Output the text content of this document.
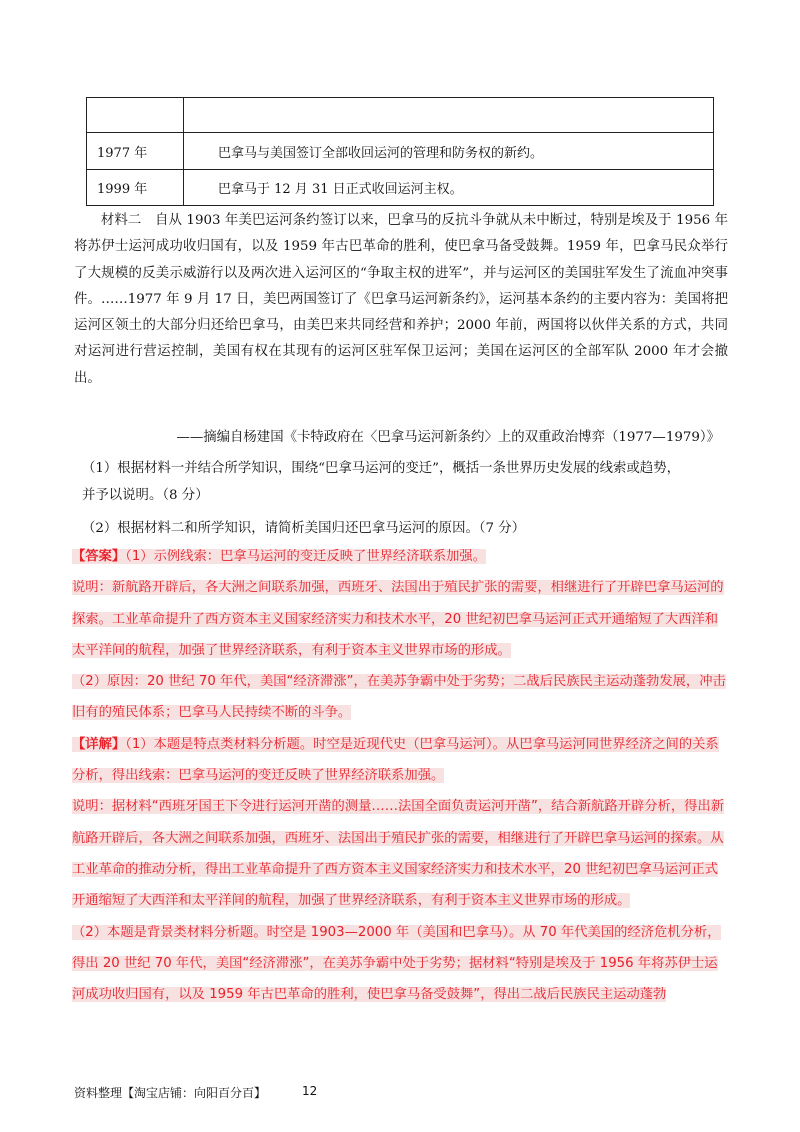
1977 年	巴拿马与美国签订全部收回运河的管理和防务权的新约。
1999 年	巴拿马于 12 月 31 日正式收回运河主权。

材料二　自从 1903 年美巴运河条约签订以来，巴拿马的反抗斗争就从未中断过，特别是埃及于 1956 年将苏伊士运河成功收归国有，以及 1959 年古巴革命的胜利，使巴拿马备受鼓舞。1959 年，巴拿马民众举行了大规模的反美示威游行以及两次进入运河区的“争取主权的进军”，并与运河区的美国驻军发生了流血冲突事件。……1977 年 9 月 17 日，美巴两国签订了《巴拿马运河新条约》，运河基本条约的主要内容为：美国将把运河区领土的大部分归还给巴拿马，由美巴来共同经营和养护；2000 年前，两国将以伙伴关系的方式，共同对运河进行营运控制，美国有权在其现有的运河区驻军保卫运河；美国在运河区的全部军队 2000 年才会撤出。

——摘编自杨建国《卡特政府在〈巴拿马运河新条约〉上的双重政治博弈（1977—1979）》

（1）根据材料一并结合所学知识，围绕“巴拿马运河的变迁”，概括一条世界历史发展的线索或趋势，

并予以说明。（8 分）

（2）根据材料二和所学知识，请简析美国归还巴拿马运河的原因。（7 分）

【答案】（1）示例线索：巴拿马运河的变迁反映了世界经济联系加强。

说明：新航路开辟后，各大洲之间联系加强，西班牙、法国出于殖民扩张的需要，相继进行了开辟巴拿马运河的探索。工业革命提升了西方资本主义国家经济实力和技术水平，20 世纪初巴拿马运河正式开通缩短了大西洋和太平洋间的航程，加强了世界经济联系，有利于资本主义世界市场的形成。

（2）原因：20 世纪 70 年代，美国“经济滞涨”，在美苏争霸中处于劣势；二战后民族民主运动蓬勃发展，冲击旧有的殖民体系；巴拿马人民持续不断的斗争。

【详解】（1）本题是特点类材料分析题。时空是近现代史（巴拿马运河）。从巴拿马运河同世界经济之间的关系分析，得出线索：巴拿马运河的变迁反映了世界经济联系加强。

说明：据材料“西班牙国王下令进行运河开凿的测量……法国全面负责运河开凿”，结合新航路开辟分析，得出新航路开辟后，各大洲之间联系加强，西班牙、法国出于殖民扩张的需要，相继进行了开辟巴拿马运河的探索。从工业革命的推动分析，得出工业革命提升了西方资本主义国家经济实力和技术水平，20 世纪初巴拿马运河正式开通缩短了大西洋和太平洋间的航程，加强了世界经济联系，有利于资本主义世界市场的形成。

（2）本题是背景类材料分析题。时空是 1903—2000 年（美国和巴拿马）。从 70 年代美国的经济危机分析，得出 20 世纪 70 年代，美国“经济滞涨”，在美苏争霸中处于劣势；据材料“特别是埃及于 1956 年将苏伊士运河成功收归国有，以及 1959 年古巴革命的胜利，使巴拿马备受鼓舞”，得出二战后民族民主运动蓬勃

资料整理【淘宝店铺：向阳百分百】	12
